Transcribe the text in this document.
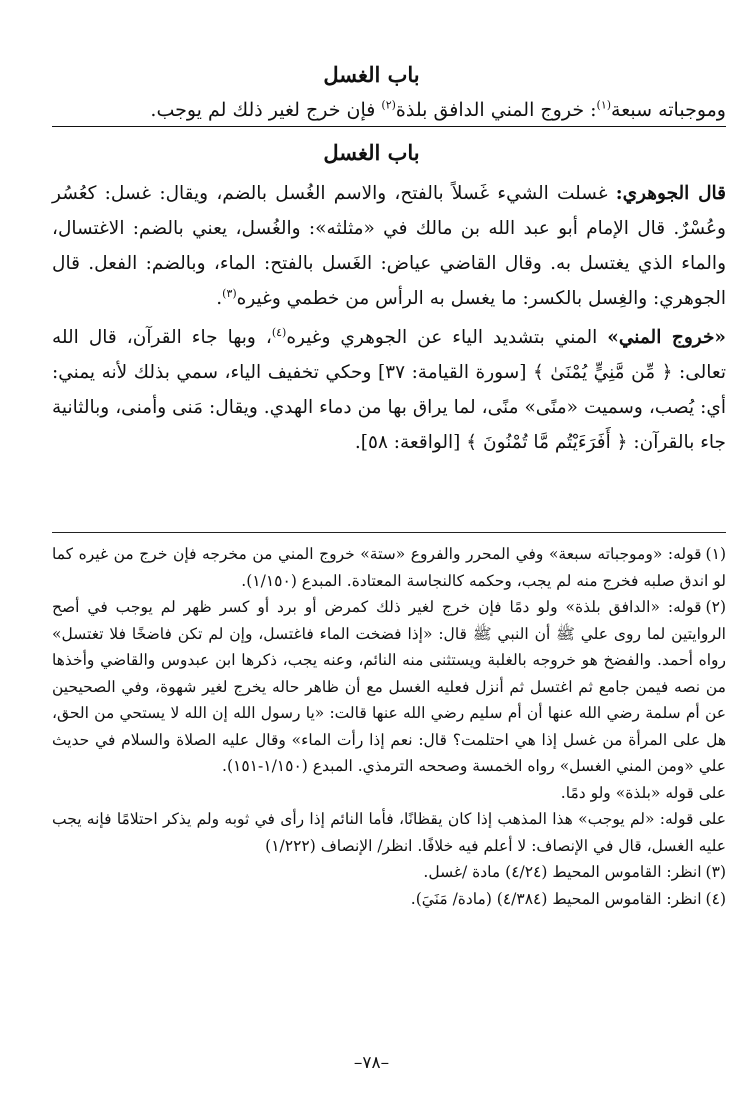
باب الغسل
وموجباته سبعة$^{(١)}$: خروج المني الدافق بلذة$^{(٢)}$ فإن خرج لغير ذلك لم يوجب.
باب الغسل

قال الجوهري: غسلت الشيء غَسلاً بالفتح، والاسم الغُسل بالضم، ويقال: غسل: كعُسُر وعُسْرٌ. قال الإمام أبو عبد الله بن مالك في «مثلثه»: والغُسل، يعني بالضم: الاغتسال، والماء الذي يغتسل به. وقال القاضي عياض: الغَسل بالفتح: الماء، وبالضم: الفعل. قال الجوهري: والغِسل بالكسر: ما يغسل به الرأس من خطمي وغيره$^{(٣)}$.

«خروج المني» المني بتشديد الياء عن الجوهري وغيره$^{(٤)}$، وبها جاء القرآن، قال الله تعالى: ﴿ مِّن مَّنِيٍّ يُمْنَىٰ ﴾ [سورة القيامة: ٣٧] وحكي تخفيف الياء، سمي بذلك لأنه يمني: أي: يُصب، وسميت «منًى» منًى، لما يراق بها من دماء الهدي. ويقال: مَنى وأمنى، وبالثانية جاء بالقرآن: ﴿ أَفَرَءَيْتُم مَّا تُمْنُونَ ﴾ [الواقعة: ٥٨].

(١)قوله: «وموجباته سبعة» وفي المحرر والفروع «ستة» خروج المني من مخرجه فإن خرج من غيره كما لو اندق صلبه فخرج منه لم يجب، وحكمه كالنجاسة المعتادة. المبدع (١/١٥٠).

(٢)قوله: «الدافق بلذة» ولو دمًا فإن خرج لغير ذلك كمرض أو برد أو كسر ظهر لم يوجب في أصح الروايتين لما روى علي ﷺ أن النبي ﷺ قال: «إذا فضخت الماء فاغتسل، وإن لم تكن فاضخًا فلا تغتسل» رواه أحمد. والفضخ هو خروجه بالغلبة ويستثنى منه النائم، وعنه يجب، ذكرها ابن عبدوس والقاضي وأخذها من نصه فيمن جامع ثم اغتسل ثم أنزل فعليه الغسل مع أن ظاهر حاله يخرج لغير شهوة، وفي الصحيحين عن أم سلمة رضي الله عنها أن أم سليم رضي الله عنها قالت: «يا رسول الله إن الله لا يستحي من الحق، هل على المرأة من غسل إذا هي احتلمت؟ قال: نعم إذا رأت الماء» وقال عليه الصلاة والسلام في حديث علي «ومن المني الغسل» رواه الخمسة وصححه الترمذي. المبدع (١/١٥٠-١٥١).

على قوله «بلذة» ولو دمًا.

على قوله: «لم يوجب» هذا المذهب إذا كان يقظانًا، فأما النائم إذا رأى في ثوبه ولم يذكر احتلامًا فإنه يجب عليه الغسل، قال في الإنصاف: لا أعلم فيه خلافًا. انظر/ الإنصاف (١/٢٢٢)

(٣)انظر: القاموس المحيط (٤/٢٤) مادة /غسل.

(٤)انظر: القاموس المحيط (٤/٣٨٤) (مادة/ مَنَيَ).

–٧٨–
